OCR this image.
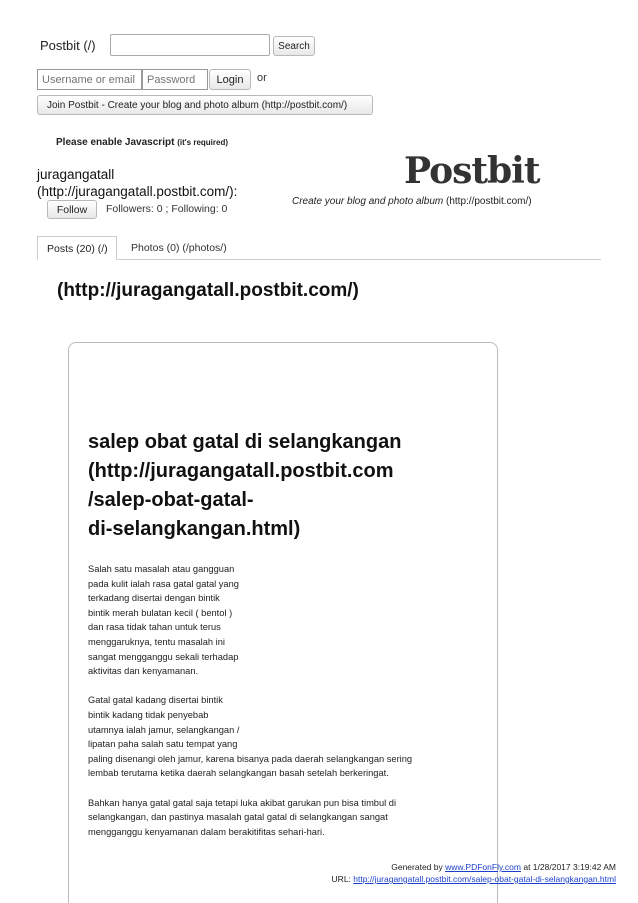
Postbit (/)	Search
Username or email
Login	or
Join Postbit - Create your blog and photo album (http://postbit.com/)
Please enable Javascript (it's required)
juragangatall
(http://juragangatall.postbit.com/):
Follow	Followers: 0 ; Following: 0
Postbit
Create your blog and photo album (http://postbit.com/)
Posts (20) (/)	Photos (0) (/photos/)
(http://juragangatall.postbit.com/)
salep obat gatal di selangkangan
(http://juragangatall.postbit.com
/salep-obat-gatal-
di-selangkangan.html)

Salah satu masalah atau gangguan
pada kulit ialah rasa gatal gatal yang
terkadang disertai dengan bintik
bintik merah bulatan kecil ( bentol )
dan rasa tidak tahan untuk terus
menggaruknya, tentu masalah ini
sangat mengganggu sekali terhadap
aktivitas dan kenyamanan.

Gatal gatal kadang disertai bintik
bintik kadang tidak penyebab
utamnya ialah jamur, selangkangan /
lipatan paha salah satu tempat yang
paling disenangi oleh jamur, karena bisanya pada daerah selangkangan sering
lembab terutama ketika daerah selangkangan basah setelah berkeringat.

Bahkan hanya gatal gatal saja tetapi luka akibat garukan pun bisa timbul di
selangkangan, dan pastinya masalah gatal gatal di selangkangan sangat
mengganggu kenyamanan dalam berakitifitas sehari-hari.

Generated by www.PDFonFly.com at 1/28/2017 3:19:42 AM
URL: http://juragangatall.postbit.com/salep-obat-gatal-di-selangkangan.html
